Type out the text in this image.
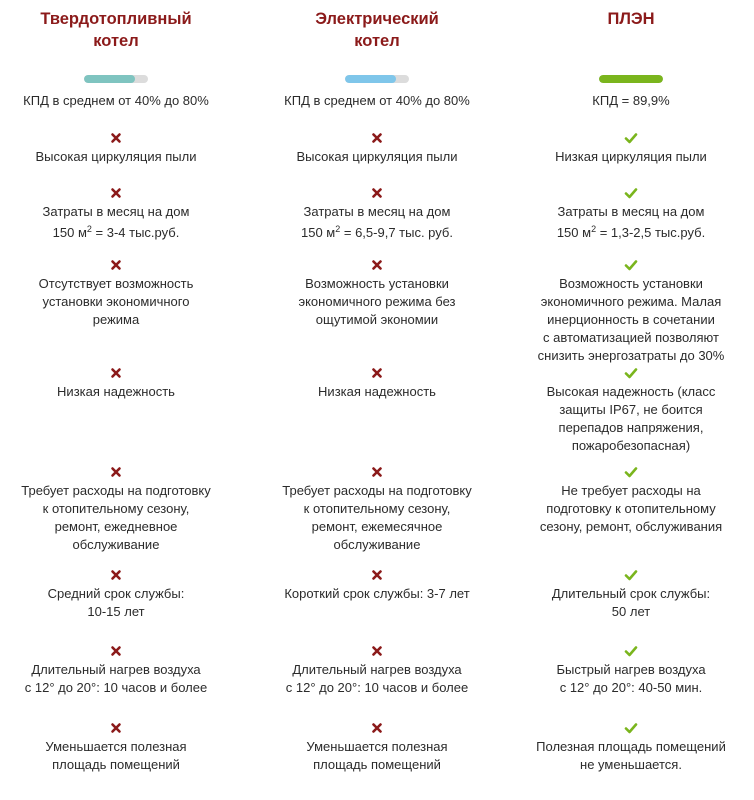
Твердотопливный
котел
КПД в среднем от 40% до 80%
Высокая циркуляция пыли
Затраты в месяц на дом
150 $м^2 = 3-4$ тыс.руб.
Отсутствует возможность
установки экономичного
режима
Низкая надежность
Требует расходы на подготовку
к отопительному сезону,
ремонт, ежедневное
обслуживание
Средний срок службы:
10-15 лет
Длительный нагрев воздуха
с 12° до 20°: 10 часов и более
Уменьшается полезная
площадь помещений
Электрический
котел
КПД в среднем от 40% до 80%
Высокая циркуляция пыли
Затраты в месяц на дом
150 $м^2 = 6,5-9,7$ тыс. руб.
Возможность установки
экономичного режима без
ощутимой экономии
Низкая надежность
Требует расходы на подготовку
к отопительному сезону,
ремонт, ежемесячное
обслуживание
Короткий срок службы: 3-7 лет
Длительный нагрев воздуха
с 12° до 20°: 10 часов и более
Уменьшается полезная
площадь помещений
ПЛЭН
КПД = 89,9%
Низкая циркуляция пыли
Затраты в месяц на дом
150 $м^2 = 1,3-2,5$ тыс.руб.
Возможность установки
экономичного режима. Малая
инерционность в сочетании
с автоматизацией позволяют
снизить энергозатраты до 30%
Высокая надежность (класс
защиты IP67, не боится
перепадов напряжения,
пожаробезопасная)
Не требует расходы на
подготовку к отопительному
сезону, ремонт, обслуживания
Длительный срок службы:
50 лет
Быстрый нагрев воздуха
с 12° до 20°: 40-50 мин.
Полезная площадь помещений
не уменьшается.
